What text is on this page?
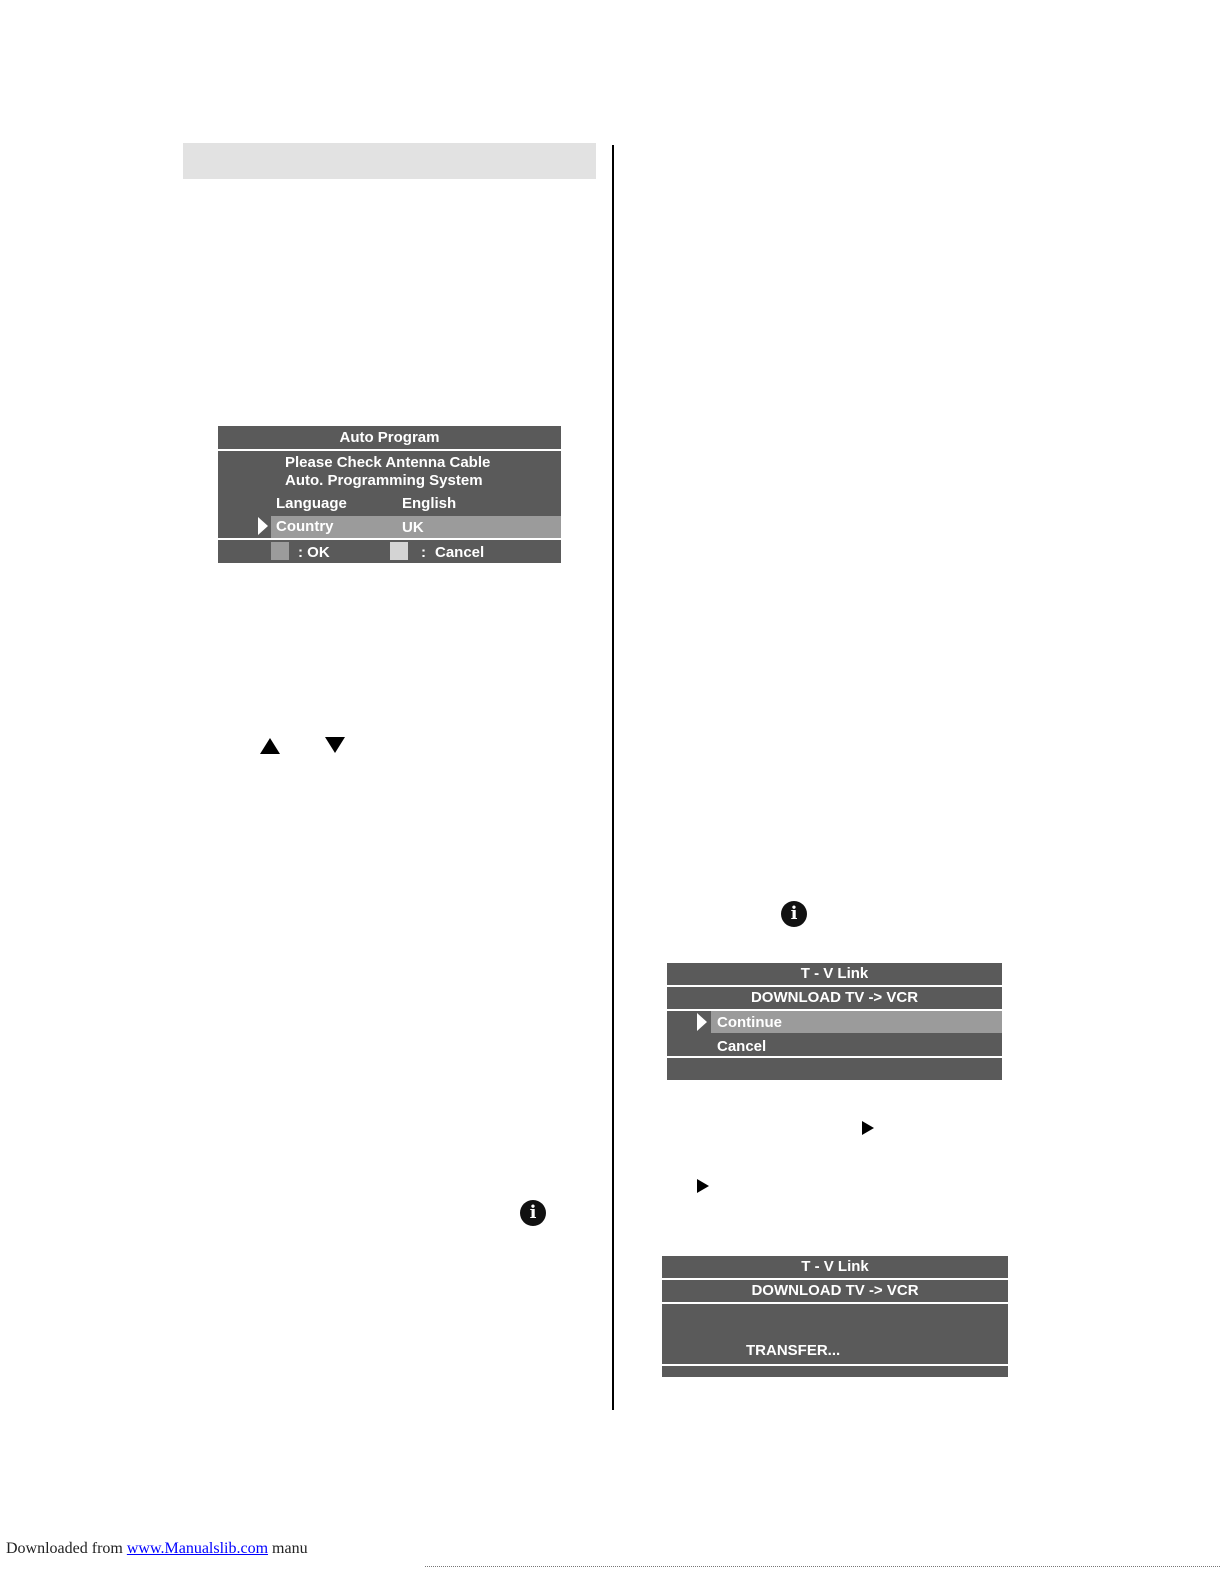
Auto Program
Please Check Antenna Cable
Auto. Programming System
Language	English
Country	UK
: OK	: Cancel
i
i
T - V Link
DOWNLOAD TV -> VCR
Continue
Cancel
T - V Link
DOWNLOAD TV -> VCR
TRANSFER...
Downloaded from www.Manualslib.com manu
